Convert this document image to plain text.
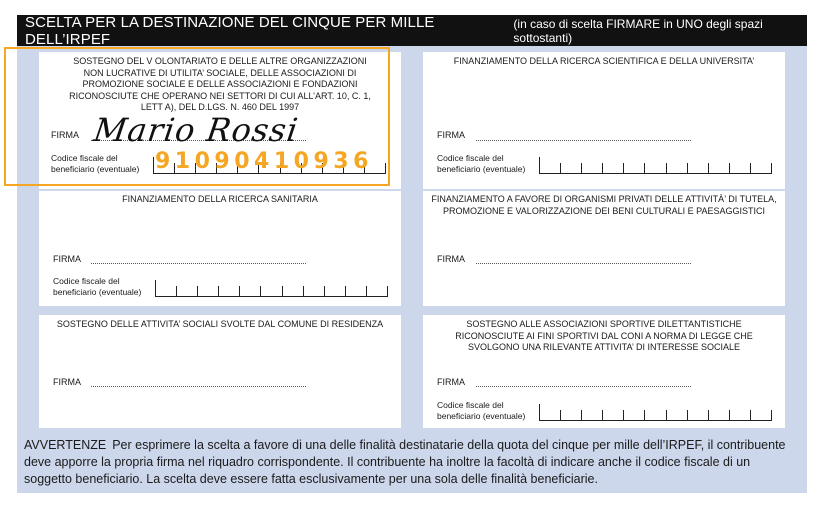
SCELTA PER LA DESTINAZIONE DEL CINQUE PER MILLE DELL’IRPEF
(in caso di scelta FIRMARE in UNO degli spazi sottostanti)
SOSTEGNO DEL V OLONTARIATO E DELLE ALTRE ORGANIZZAZIONI NON LUCRATIVE DI UTILITA’ SOCIALE, DELLE ASSOCIAZIONI DI PROMOZIONE SOCIALE E DELLE ASSOCIAZIONI E FONDAZIONI RICONOSCIUTE CHE OPERANO NEI SETTORI DI CUI ALL’ART. 10, C. 1, LETT A), DEL D.LGS. N. 460 DEL 1997
FIRMA
Codice fiscale del
beneficiario (eventuale)
FINANZIAMENTO DELLA RICERCA SCIENTIFICA E DELLA UNIVERSITA’
FIRMA
Codice fiscale del
beneficiario (eventuale)
FINANZIAMENTO DELLA RICERCA SANITARIA
FIRMA
Codice fiscale del
beneficiario (eventuale)
FINANZIAMENTO A FAVORE DI ORGANISMI PRIVATI DELLE ATTIVITÀ’ DI TUTELA, PROMOZIONE E VALORIZZAZIONE DEI BENI CULTURALI E PAESAGGISTICI
FIRMA
SOSTEGNO DELLE ATTIVITA’ SOCIALI SVOLTE DAL COMUNE DI RESIDENZA
FIRMA
SOSTEGNO ALLE ASSOCIAZIONI SPORTIVE DILETTANTISTICHE RICONOSCIUTE AI FINI SPORTIVI DAL CONI A NORMA DI LEGGE CHE SVOLGONO UNA RILEVANTE ATTIVITA’ DI INTERESSE SOCIALE
FIRMA
Codice fiscale del
beneficiario (eventuale)
AVVERTENZE Per esprimere la scelta a favore di una delle finalità destinatarie della quota del cinque per mille dell’IRPEF, il contribuente deve apporre la propria firma nel riquadro corrispondente. Il contribuente ha inoltre la facoltà di indicare anche il codice fiscale di un soggetto beneficiario. La scelta deve essere fatta esclusivamente per una sola delle finalità beneficiarie.
Mario Rossi
91090410936
